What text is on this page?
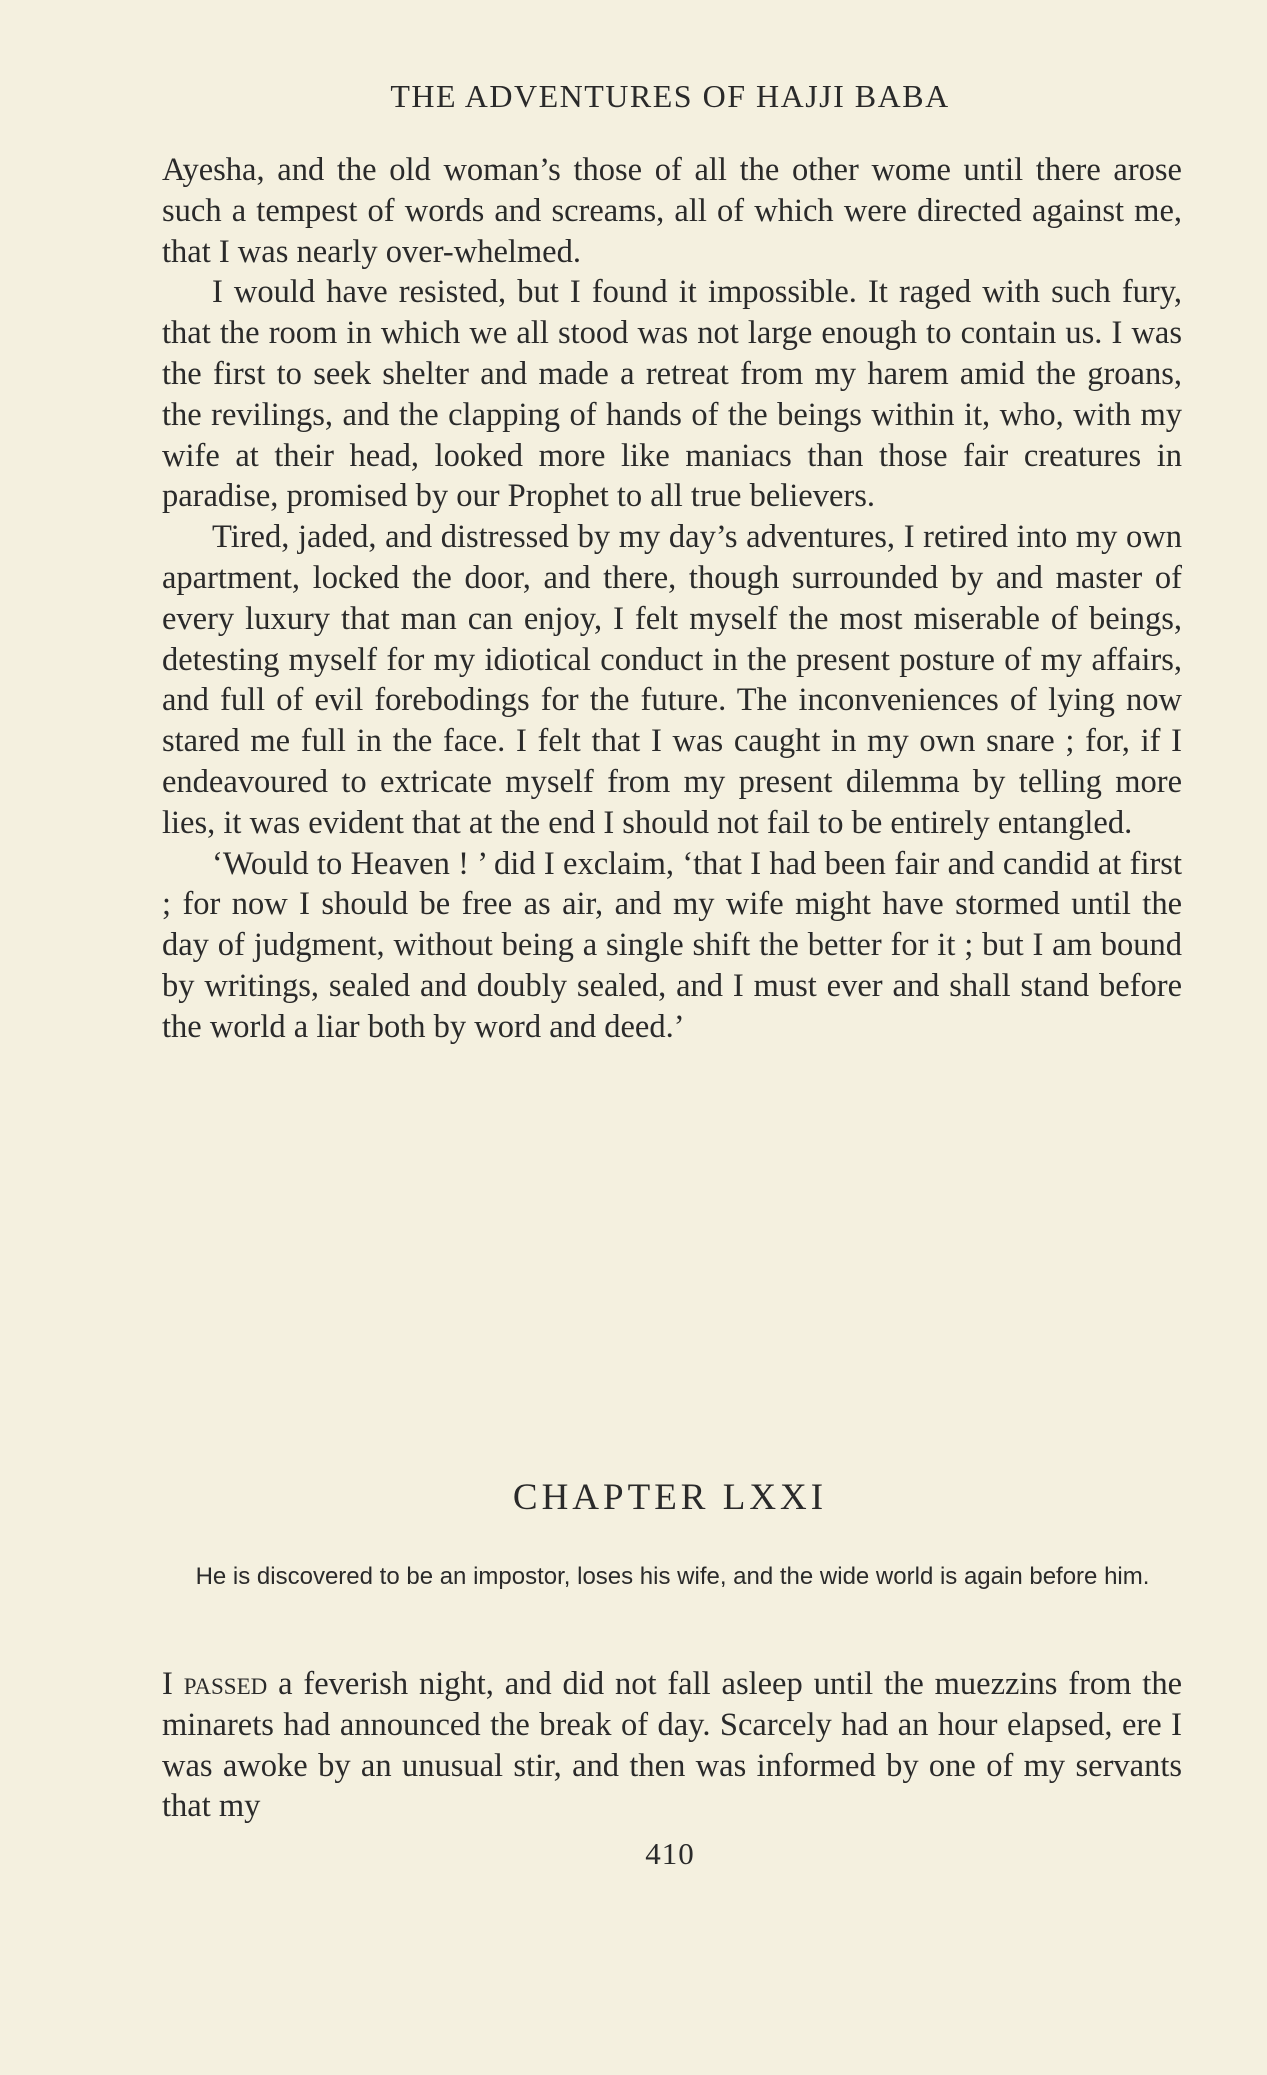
THE ADVENTURES OF HAJJI BABA

Ayesha, and the old woman’s those of all the other wome until there arose such a tempest of words and screams, all of which were directed against me, that I was nearly over-whelmed.

I would have resisted, but I found it impossible. It raged with such fury, that the room in which we all stood was not large enough to contain us. I was the first to seek shelter and made a retreat from my harem amid the groans, the revilings, and the clapping of hands of the beings within it, who, with my wife at their head, looked more like maniacs than those fair creatures in paradise, promised by our Prophet to all true believers.

Tired, jaded, and distressed by my day’s adventures, I retired into my own apartment, locked the door, and there, though surrounded by and master of every luxury that man can enjoy, I felt myself the most miserable of beings, detesting myself for my idiotical conduct in the present posture of my affairs, and full of evil forebodings for the future. The inconveniences of lying now stared me full in the face. I felt that I was caught in my own snare ; for, if I endeavoured to extricate myself from my present dilemma by telling more lies, it was evident that at the end I should not fail to be entirely entangled.

‘Would to Heaven ! ’ did I exclaim, ‘that I had been fair and candid at first ; for now I should be free as air, and my wife might have stormed until the day of judgment, without being a single shift the better for it ; but I am bound by writings, sealed and doubly sealed, and I must ever and shall stand before the world a liar both by word and deed.’

CHAPTER LXXI
He is discovered to be an impostor, loses his wife, and the wide world is again before him.

I passed a feverish night, and did not fall asleep until the muezzins from the minarets had announced the break of day. Scarcely had an hour elapsed, ere I was awoke by an unusual stir, and then was informed by one of my servants that my

410
